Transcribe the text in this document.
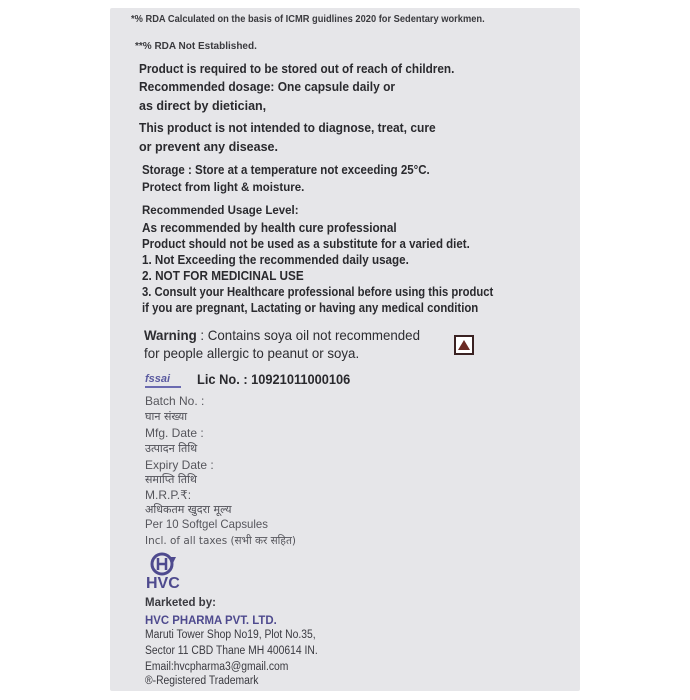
*% RDA Calculated on the basis of ICMR guidlines 2020 for Sedentary workmen.
**% RDA Not Established.
Product is required to be stored out of reach of children.
Recommended dosage: One capsule daily or
as direct by dietician,
This product is not intended to diagnose, treat, cure
or prevent any disease.
Storage : Store at a temperature not exceeding 25°C.
Protect from light & moisture.
Recommended Usage Level:
As recommended by health cure professional
Product should not be used as a substitute for a varied diet.
1. Not Exceeding the recommended daily usage.
2. NOT FOR MEDICINAL USE
3. Consult your Healthcare professional before using this product
if you are pregnant, Lactating or having any medical condition
Warning : Contains soya oil not recommended
for people allergic to peanut or soya.
fssai Lic No. : 10921011000106
Batch No. :
घान संख्या
Mfg. Date :
उत्पादन तिथि
Expiry Date :
समाप्ति तिथि
M.R.P.₹:
अधिकतम खुदरा मूल्य
Per 10 Softgel Capsules
Incl. of all taxes (सभी कर सहित)
HVC
Marketed by:
HVC PHARMA PVT. LTD.
Maruti Tower Shop No19, Plot No.35,
Sector 11 CBD Thane MH 400614 IN.
Email:hvcpharma3@gmail.com
®-Registered Trademark
